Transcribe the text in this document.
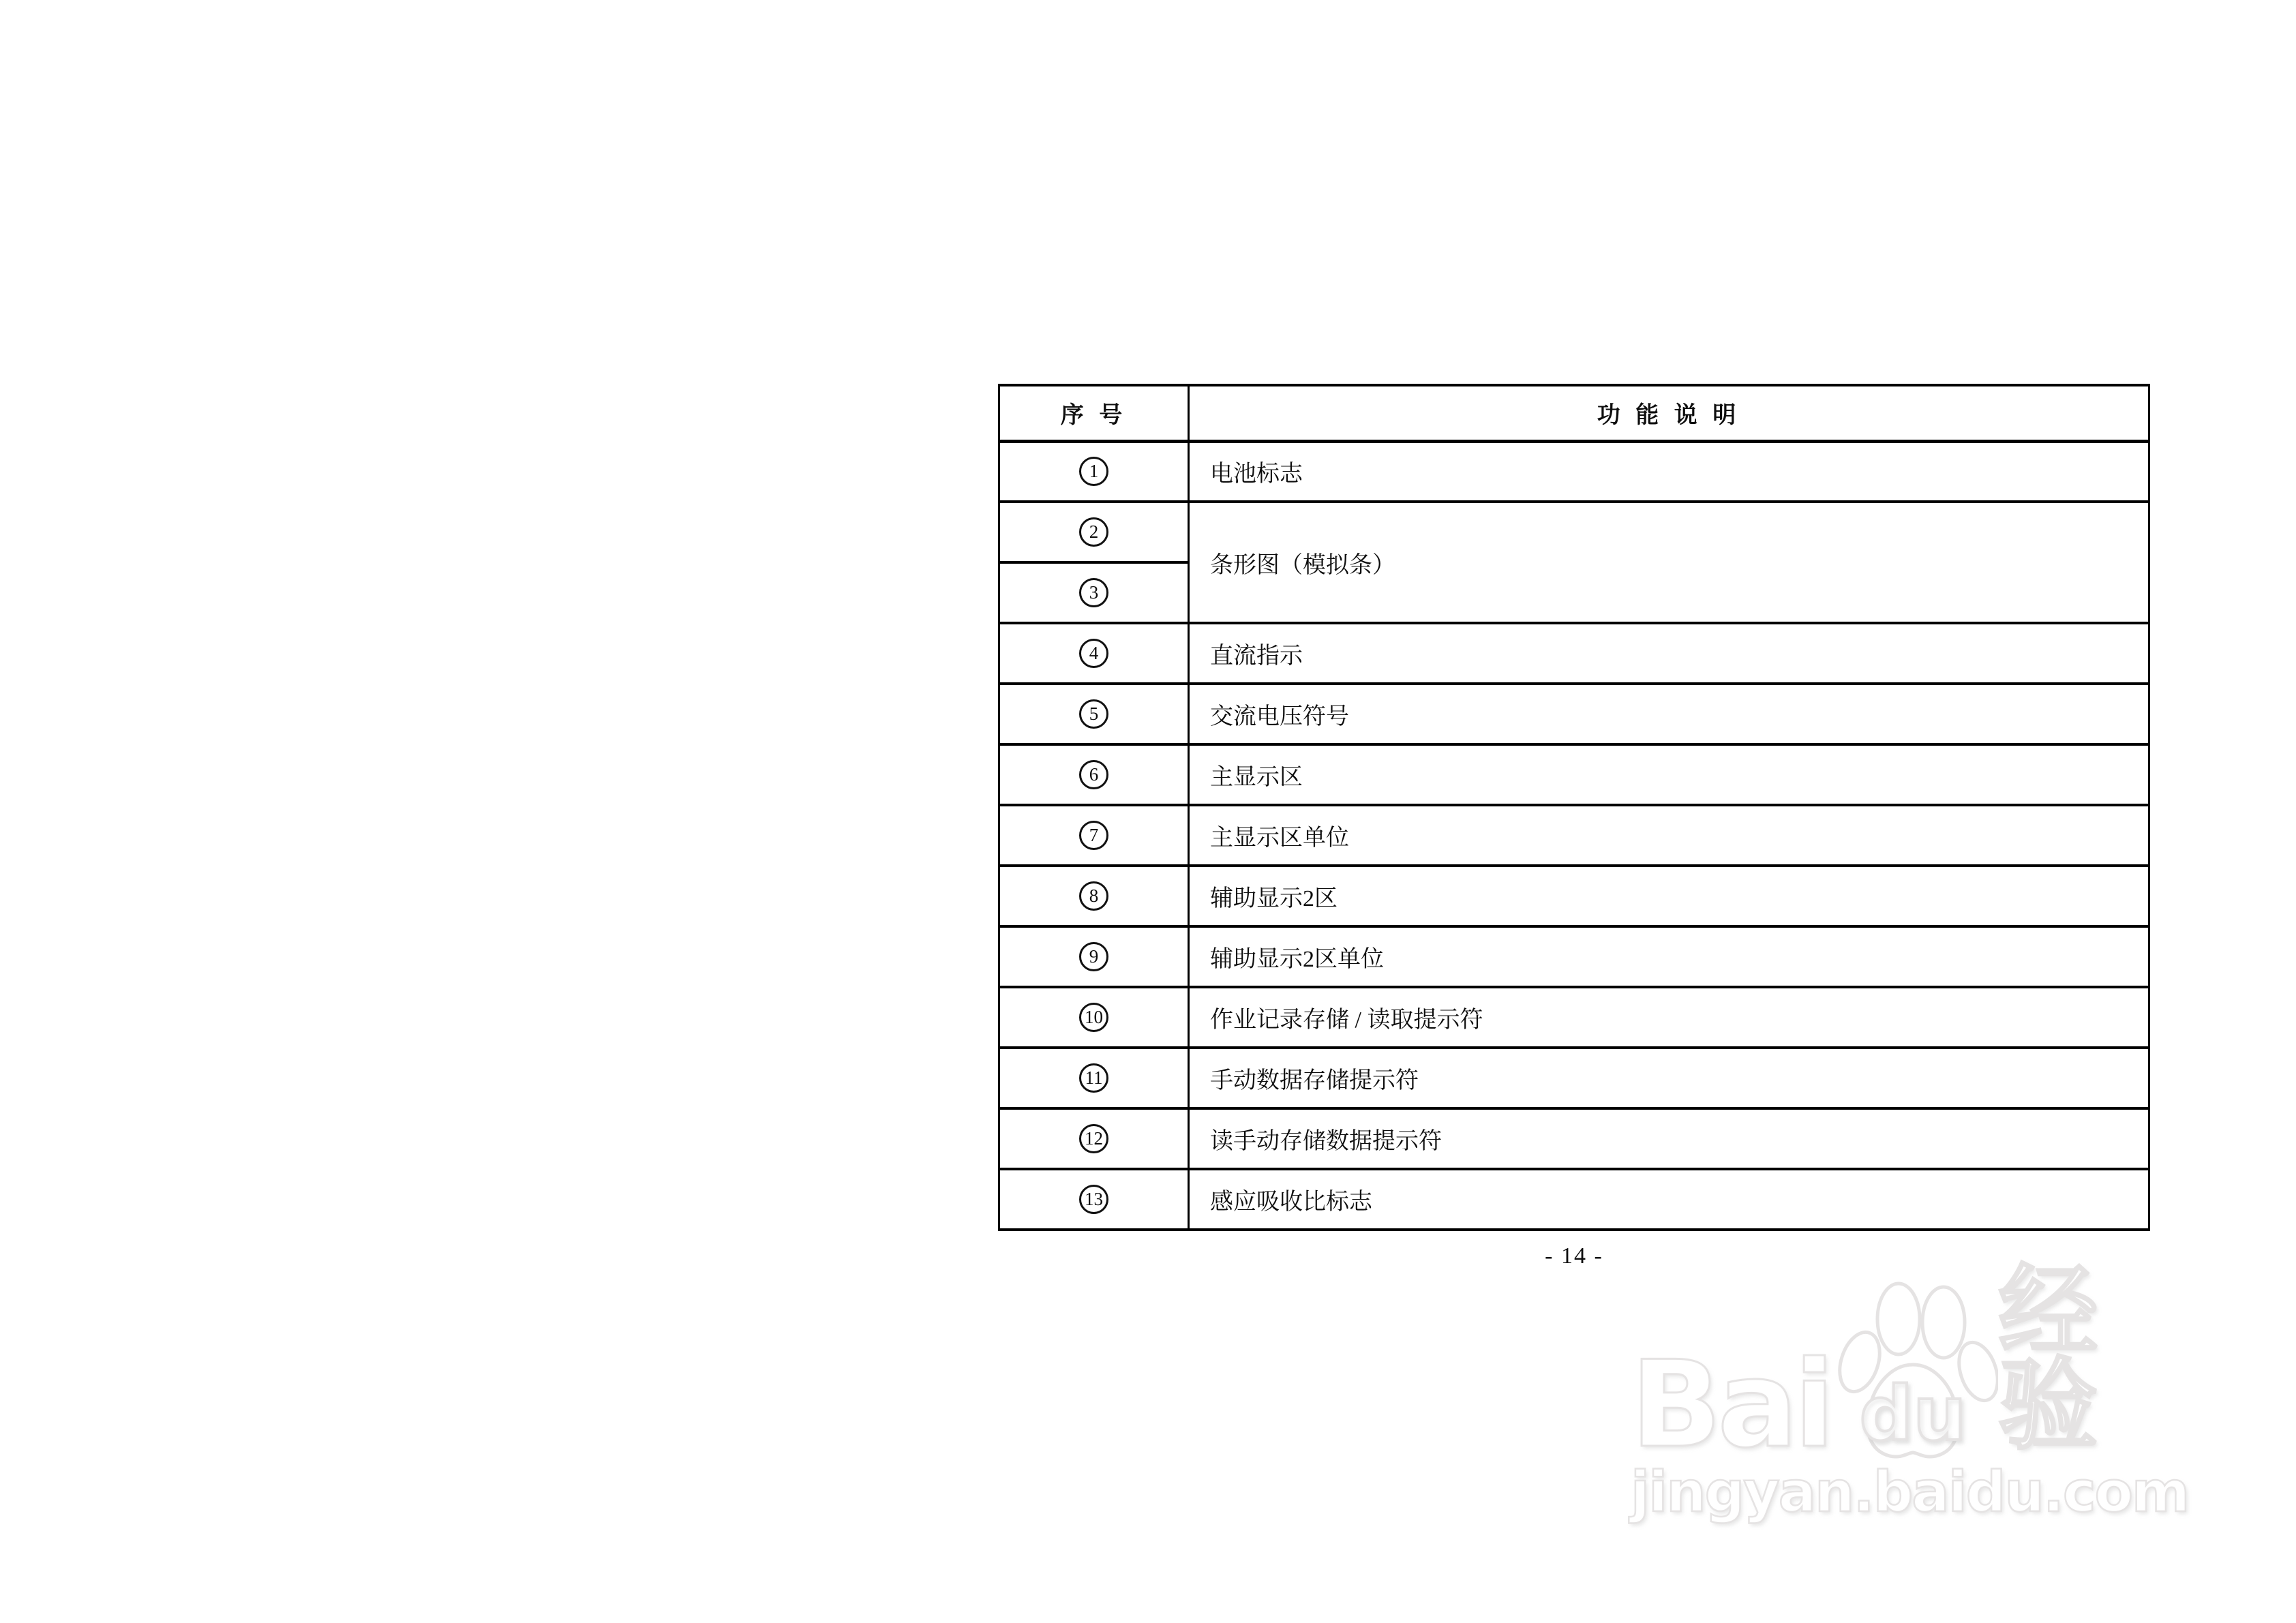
序 号	功 能 说 明
1	电池标志
2	条形图（模拟条）
3	
4	直流指示
5	交流电压符号
6	主显示区
7	主显示区单位
8	辅助显示2区
9	辅助显示2区单位
10	作业记录存储 / 读取提示符
11	手动数据存储提示符
12	读手动存储数据提示符
13	感应吸收比标志
- 14 -
Bai du
经验
jingyan.baidu.com
